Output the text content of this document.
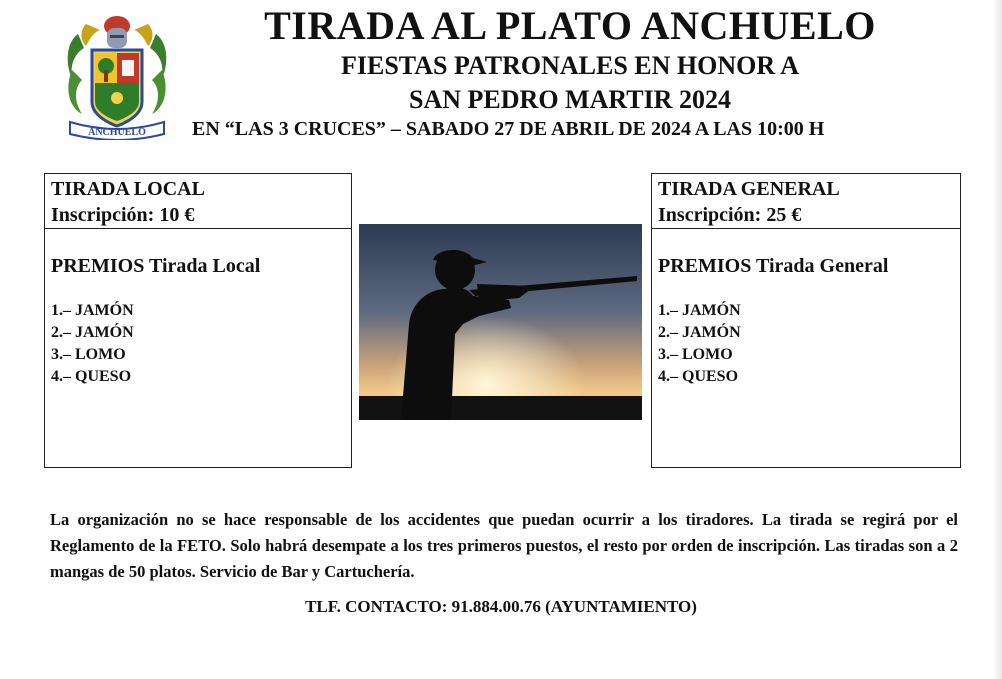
ANCHUELO
TIRADA AL PLATO ANCHUELO
FIESTAS PATRONALES EN HONOR A
SAN PEDRO MARTIR 2024
EN “LAS 3 CRUCES” – SABADO 27 DE ABRIL DE 2024 A LAS 10:00 H
TIRADA LOCAL
Inscripción: 10 €
PREMIOS Tirada Local
1.– JAMÓN
2.– JAMÓN
3.– LOMO
4.– QUESO
TIRADA GENERAL
Inscripción: 25 €
PREMIOS Tirada General
1.– JAMÓN
2.– JAMÓN
3.– LOMO
4.– QUESO
La organización no se hace responsable de los accidentes que puedan ocurrir a los tiradores. La tirada se regirá por el Reglamento de la FETO. Solo habrá desempate a los tres primeros puestos, el resto por orden de inscripción. Las tiradas son a 2 mangas de 50 platos. Servicio de Bar y Cartuchería.
TLF. CONTACTO: 91.884.00.76 (AYUNTAMIENTO)
